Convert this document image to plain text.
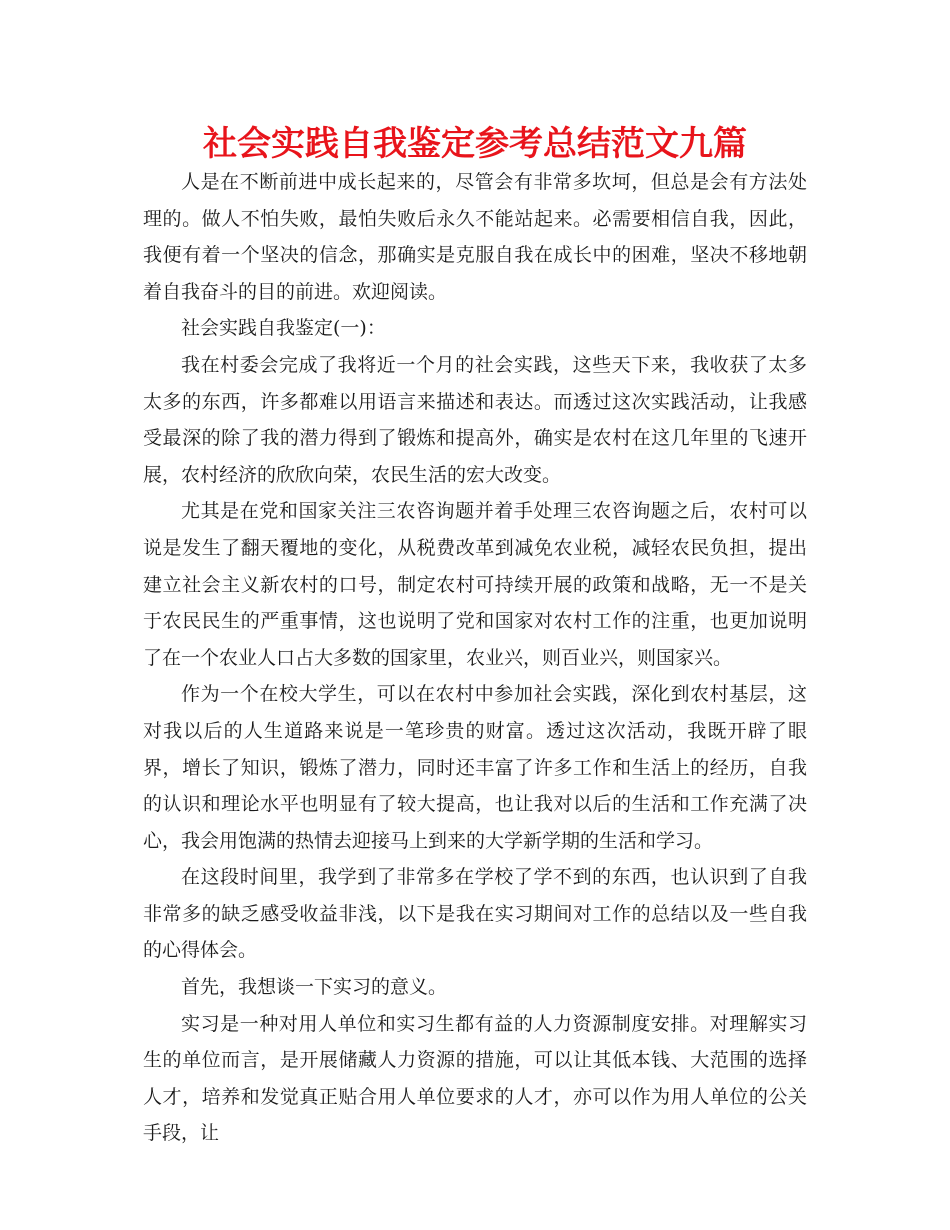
社会实践自我鉴定参考总结范文九篇

人是在不断前进中成长起来的，尽管会有非常多坎坷，但总是会有方法处理的。做人不怕失败，最怕失败后永久不能站起来。必需要相信自我，因此，我便有着一个坚决的信念，那确实是克服自我在成长中的困难，坚决不移地朝着自我奋斗的目的前进。欢迎阅读。

社会实践自我鉴定(一)：

我在村委会完成了我将近一个月的社会实践，这些天下来，我收获了太多太多的东西，许多都难以用语言来描述和表达。而透过这次实践活动，让我感受最深的除了我的潜力得到了锻炼和提高外，确实是农村在这几年里的飞速开展，农村经济的欣欣向荣，农民生活的宏大改变。

尤其是在党和国家关注三农咨询题并着手处理三农咨询题之后，农村可以说是发生了翻天覆地的变化，从税费改革到减免农业税，减轻农民负担，提出建立社会主义新农村的口号，制定农村可持续开展的政策和战略，无一不是关于农民民生的严重事情，这也说明了党和国家对农村工作的注重，也更加说明了在一个农业人口占大多数的国家里，农业兴，则百业兴，则国家兴。

作为一个在校大学生，可以在农村中参加社会实践，深化到农村基层，这对我以后的人生道路来说是一笔珍贵的财富。透过这次活动，我既开辟了眼界，增长了知识，锻炼了潜力，同时还丰富了许多工作和生活上的经历，自我的认识和理论水平也明显有了较大提高，也让我对以后的生活和工作充满了决心，我会用饱满的热情去迎接马上到来的大学新学期的生活和学习。

在这段时间里，我学到了非常多在学校了学不到的东西，也认识到了自我非常多的缺乏感受收益非浅，以下是我在实习期间对工作的总结以及一些自我的心得体会。

首先，我想谈一下实习的意义。

实习是一种对用人单位和实习生都有益的人力资源制度安排。对理解实习生的单位而言，是开展储藏人力资源的措施，可以让其低本钱、大范围的选择人才，培养和发觉真正贴合用人单位要求的人才，亦可以作为用人单位的公关手段，让
